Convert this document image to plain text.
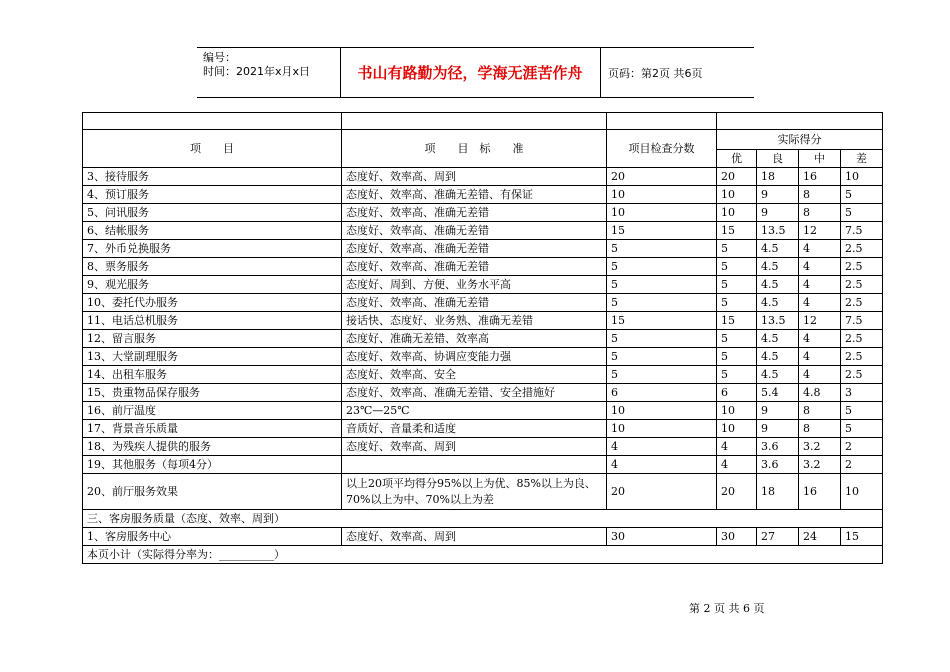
编号：
时间：2021年x月x日	书山有路勤为径，学海无涯苦作舟	页码：第2页 共6页

项　　目	项　　目　标　　准	项目检查分数	实际得分			
			优	良	中	差
3、接待服务	态度好、效率高、周到	20	20	18	16	10
4、预订服务	态度好、效率高、准确无差错、有保证	10	10	9	8	5
5、问讯服务	态度好、效率高、准确无差错	10	10	9	8	5
6、结帐服务	态度好、效率高、准确无差错	15	15	13.5	12	7.5
7、外币兑换服务	态度好、效率高、准确无差错	5	5	4.5	4	2.5
8、票务服务	态度好、效率高、准确无差错	5	5	4.5	4	2.5
9、观光服务	态度好、周到、方便、业务水平高	5	5	4.5	4	2.5
10、委托代办服务	态度好、效率高、准确无差错	5	5	4.5	4	2.5
11、电话总机服务	接话快、态度好、业务熟、准确无差错	15	15	13.5	12	7.5
12、留言服务	态度好、准确无差错、效率高	5	5	4.5	4	2.5
13、大堂副理服务	态度好、效率高、协调应变能力强	5	5	4.5	4	2.5
14、出租车服务	态度好、效率高、安全	5	5	4.5	4	2.5
15、贵重物品保存服务	态度好、效率高、准确无差错、安全措施好	6	6	5.4	4.8	3
16、前厅温度	23℃—25℃	10	10	9	8	5
17、背景音乐质量	音质好、音量柔和适度	10	10	9	8	5
18、为残疾人提供的服务	态度好、效率高、周到	4	4	3.6	3.2	2
19、其他服务（每项4分）		4	4	3.6	3.2	2
20、前厅服务效果	以上20项平均得分95%以上为优、85%以上为良、70%以上为中、70%以上为差	20	20	18	16	10
三、客房服务质量（态度、效率、周到）						
1、客房服务中心	态度好、效率高、周到	30	30	27	24	15
本页小计（实际得分率为：__________）						
第 2 页 共 6 页
